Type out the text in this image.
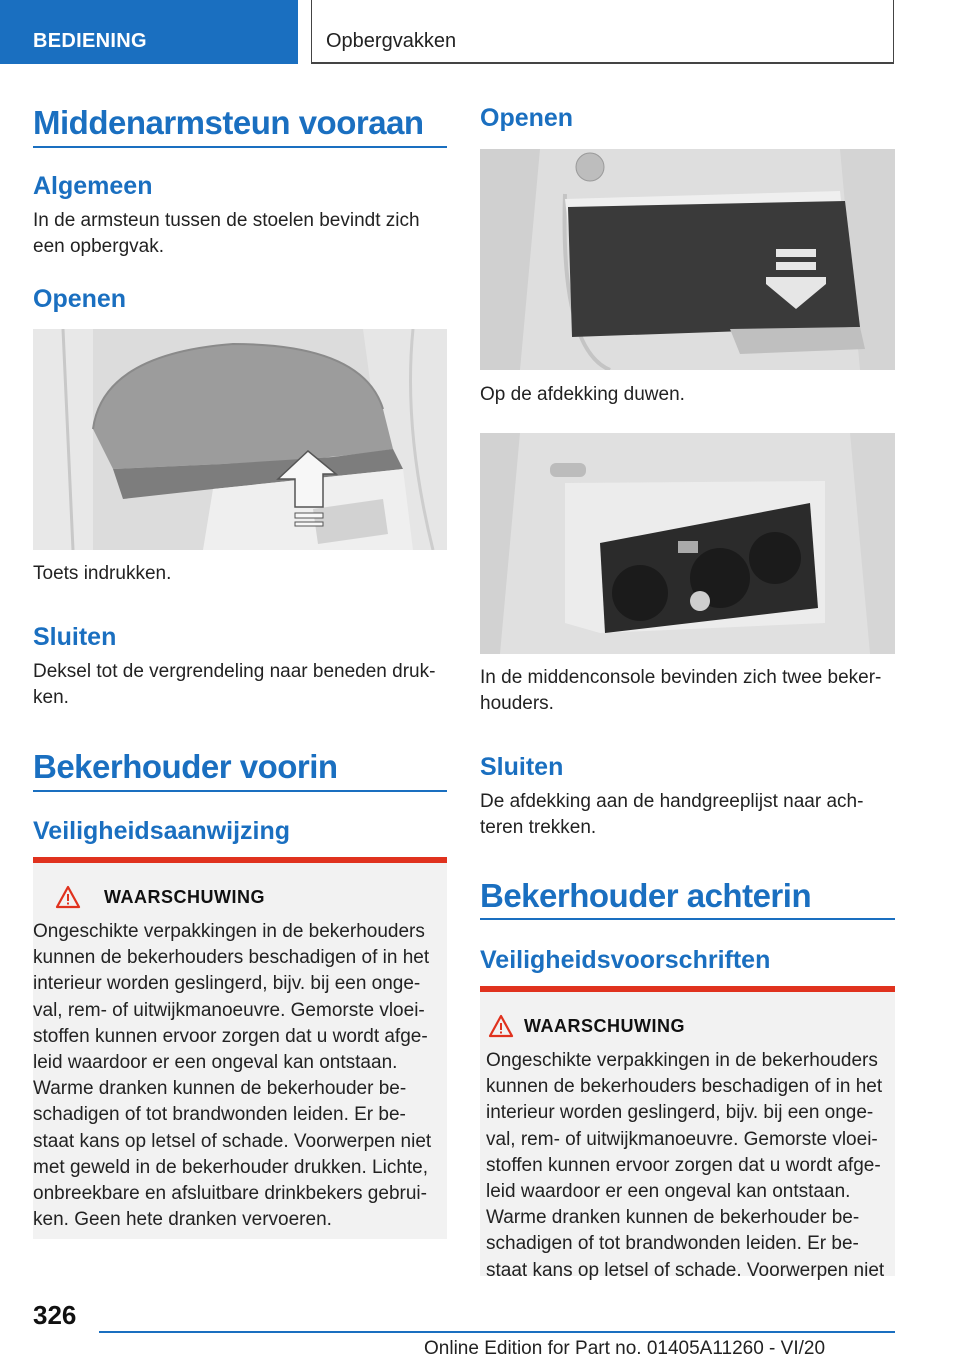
BEDIENING	Opbergvakken
Middenarmsteun vooraan
Algemeen

In de armsteun tussen de stoelen bevindt zich een opbergvak.

Openen

Toets indrukken.

Sluiten

Deksel tot de vergrendeling naar beneden druk-ken.

Bekerhouder voorin
Veiligheidsaanwijzing
WAARSCHUWING
Ongeschikte verpakkingen in de bekerhouders kunnen de bekerhouders beschadigen of in het interieur worden geslingerd, bijv. bij een onge-val, rem- of uitwijkmanoeuvre. Gemorste vloei-stoffen kunnen ervoor zorgen dat u wordt afge-leid waardoor er een ongeval kan ontstaan. Warme dranken kunnen de bekerhouder be-schadigen of tot brandwonden leiden. Er be-staat kans op letsel of schade. Voorwerpen niet met geweld in de bekerhouder drukken. Lichte, onbreekbare en afsluitbare drinkbekers gebrui-ken. Geen hete dranken vervoeren.
Openen

Op de afdekking duwen.

In de middenconsole bevinden zich twee beker-houders.

Sluiten

De afdekking aan de handgreeplijst naar ach-teren trekken.

Bekerhouder achterin
Veiligheidsvoorschriften
WAARSCHUWING
Ongeschikte verpakkingen in de bekerhouders kunnen de bekerhouders beschadigen of in het interieur worden geslingerd, bijv. bij een onge-val, rem- of uitwijkmanoeuvre. Gemorste vloei-stoffen kunnen ervoor zorgen dat u wordt afge-leid waardoor er een ongeval kan ontstaan. Warme dranken kunnen de bekerhouder be-schadigen of tot brandwonden leiden. Er be-staat kans op letsel of schade. Voorwerpen niet
326
Online Edition for Part no. 01405A11260 - VI/20
